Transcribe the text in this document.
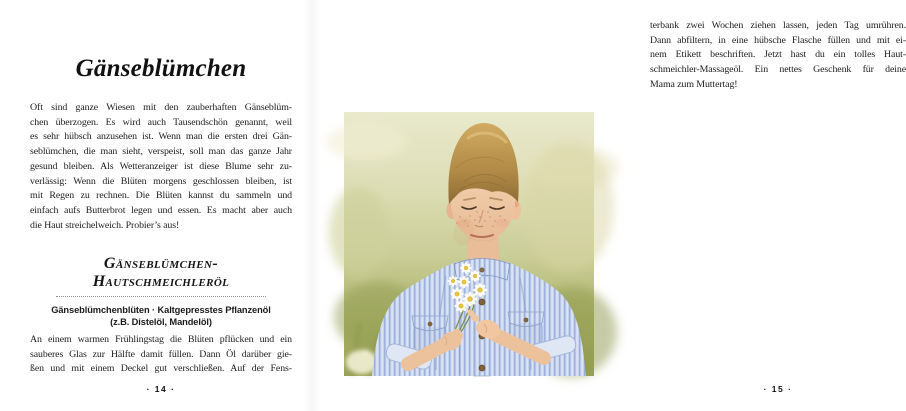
Gänseblümchen
Oft sind ganze Wiesen mit den zauberhaften Gänseblüm-
chen überzogen. Es wird auch Tausendschön genannt, weil
es sehr hübsch anzusehen ist. Wenn man die ersten drei Gän-
seblümchen, die man sieht, verspeist, soll man das ganze Jahr
gesund bleiben. Als Wetteranzeiger ist diese Blume sehr zu-
verlässig: Wenn die Blüten morgens geschlossen bleiben, ist
mit Regen zu rechnen. Die Blüten kannst du sammeln und
einfach aufs Butterbrot legen und essen. Es macht aber auch
die Haut streichelweich. Probier’s aus!
Gänseblümchen-
Hautschmeichleröl
Gänseblümchenblüten · Kaltgepresstes Pflanzenöl
(z.B. Distelöl, Mandelöl)
An einem warmen Frühlingstag die Blüten pflücken und ein
sauberes Glas zur Hälfte damit füllen. Dann Öl darüber gie-
ßen und mit einem Deckel gut verschließen. Auf der Fens-
· 14 ·
terbank zwei Wochen ziehen lassen, jeden Tag umrühren.
Dann abfiltern, in eine hübsche Flasche füllen und mit ei-
nem Etikett beschriften. Jetzt hast du ein tolles Haut-
schmeichler-Massageöl. Ein nettes Geschenk für deine
Mama zum Muttertag!
· 15 ·
